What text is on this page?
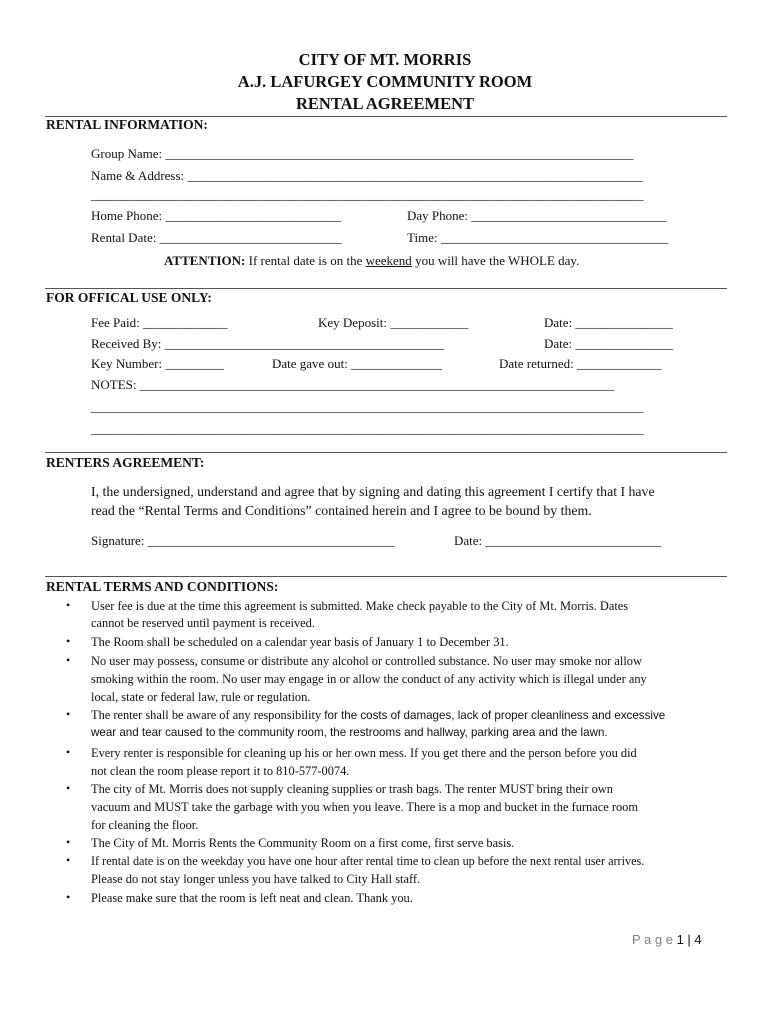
CITY OF MT. MORRIS
A.J. LAFURGEY COMMUNITY ROOM
RENTAL AGREEMENT
RENTAL INFORMATION:
Group Name: ________________________________________________________________________
Name & Address: ______________________________________________________________________
_____________________________________________________________________________________
Home Phone: ___________________________	Day Phone: ______________________________
Rental Date: ____________________________	Time: ___________________________________
ATTENTION: If rental date is on the weekend you will have the WHOLE day.
FOR OFFICAL USE ONLY:
Fee Paid: _____________	Key Deposit: ____________	Date: _______________
Received By: ___________________________________________	Date: _______________
Key Number: _________	Date gave out: ______________	Date returned: _____________
NOTES: _________________________________________________________________________
_____________________________________________________________________________________
_____________________________________________________________________________________
RENTERS AGREEMENT:
I, the undersigned, understand and agree that by signing and dating this agreement I certify that I have
read the “Rental Terms and Conditions” contained herein and I agree to be bound by them.
Signature: ______________________________________	Date: ___________________________
RENTAL TERMS AND CONDITIONS:
• User fee is due at the time this agreement is submitted. Make check payable to the City of Mt. Morris. Dates
cannot be reserved until payment is received.
• The Room shall be scheduled on a calendar year basis of January 1 to December 31.
• No user may possess, consume or distribute any alcohol or controlled substance. No user may smoke nor allow
smoking within the room. No user may engage in or allow the conduct of any activity which is illegal under any
local, state or federal law, rule or regulation.
• The renter shall be aware of any responsibility for the costs of damages, lack of proper cleanliness and excessive
wear and tear caused to the community room, the restrooms and hallway, parking area and the lawn.
• Every renter is responsible for cleaning up his or her own mess. If you get there and the person before you did
not clean the room please report it to 810-577-0074.
• The city of Mt. Morris does not supply cleaning supplies or trash bags. The renter MUST bring their own
vacuum and MUST take the garbage with you when you leave. There is a mop and bucket in the furnace room
for cleaning the floor.
• The City of Mt. Morris Rents the Community Room on a first come, first serve basis.
• If rental date is on the weekday you have one hour after rental time to clean up before the next rental user arrives.
Please do not stay longer unless you have talked to City Hall staff.
• Please make sure that the room is left neat and clean. Thank you.
P a g e 1 | 4
